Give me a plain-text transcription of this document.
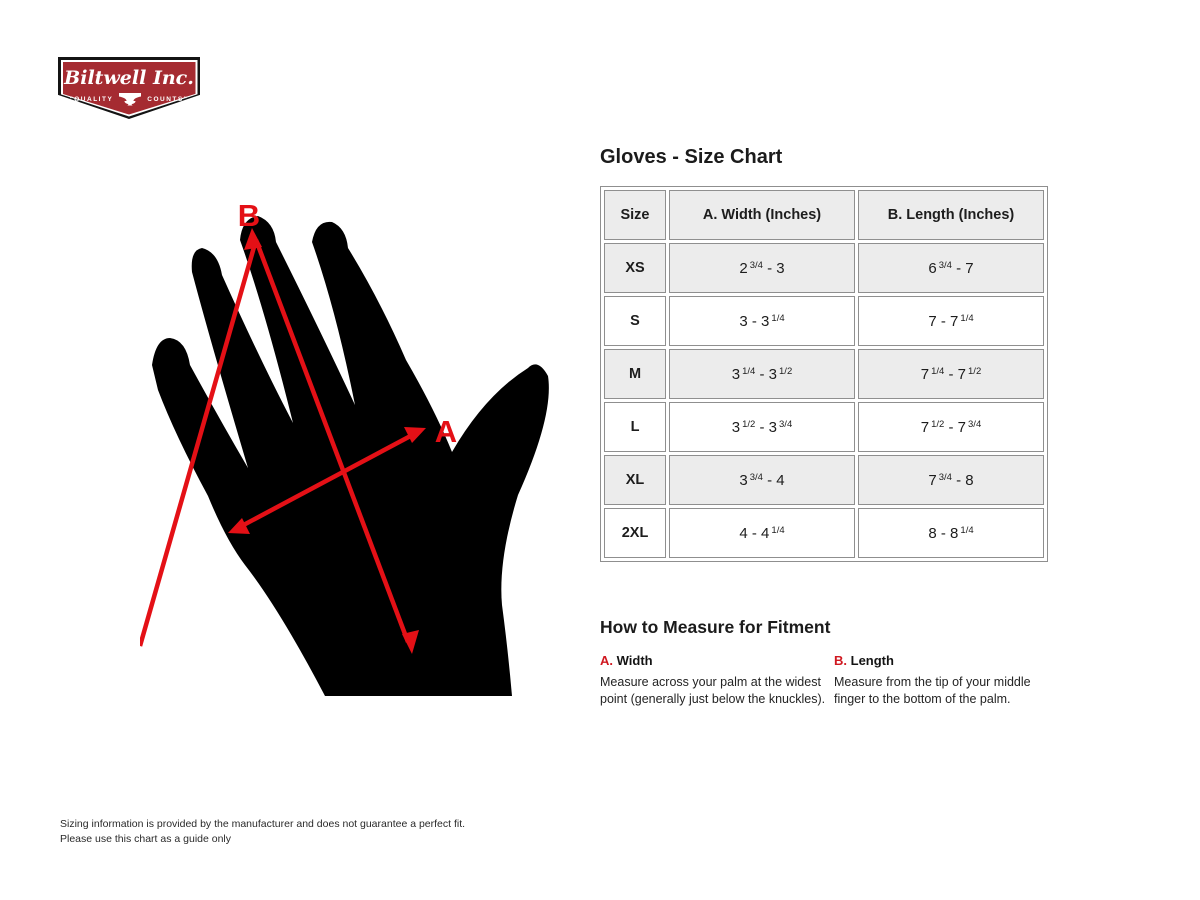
Biltwell Inc.
"QUALITY	COUNTS"
B
A
Gloves - Size Chart
Size	A. Width (Inches)	B. Length (Inches)
XS	2 $^{3/4}$ - 3	6 $^{3/4}$ - 7
S	3 - 3 $^{1/4}$	7 - 7 $^{1/4}$
M	3 $^{1/4}$ - 3 $^{1/2}$	7 $^{1/4}$ - 7 $^{1/2}$
L	3 $^{1/2}$ - 3 $^{3/4}$	7 $^{1/2}$ - 7 $^{3/4}$
XL	3 $^{3/4}$ - 4	7 $^{3/4}$ - 8
2XL	4 - 4 $^{1/4}$	8 - 8 $^{1/4}$
How to Measure for Fitment
A. Width
Measure across your palm at the widest point (generally just below the knuckles).
B. Length
Measure from the tip of your middle finger to the bottom of the palm.
Sizing information is provided by the manufacturer and does not guarantee a perfect fit.
Please use this chart as a guide only
